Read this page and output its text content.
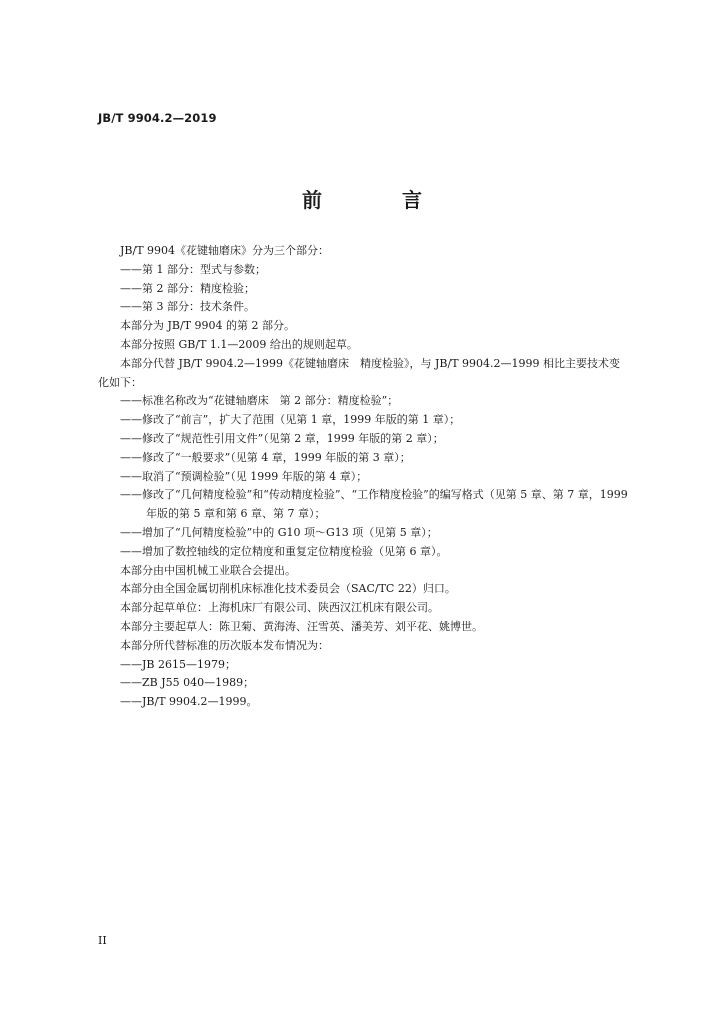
JB/T 9904.2—2019
前　言
JB/T 9904《花键轴磨床》分为三个部分：
——第 1 部分：型式与参数；
——第 2 部分：精度检验；
——第 3 部分：技术条件。
本部分为 JB/T 9904 的第 2 部分。
本部分按照 GB/T 1.1—2009 给出的规则起草。
本部分代替 JB/T 9904.2—1999《花键轴磨床　精度检验》，与 JB/T 9904.2—1999 相比主要技术变化如下：
——标准名称改为“花键轴磨床　第 2 部分：精度检验”；
——修改了“前言”，扩大了范围（见第 1 章，1999 年版的第 1 章）；
——修改了“规范性引用文件”（见第 2 章，1999 年版的第 2 章）；
——修改了“一般要求”（见第 4 章，1999 年版的第 3 章）；
——取消了“预调检验”（见 1999 年版的第 4 章）；
——修改了“几何精度检验”和“传动精度检验”、“工作精度检验”的编写格式（见第 5 章、第 7 章，1999 年版的第 5 章和第 6 章、第 7 章）；
——增加了“几何精度检验”中的 G10 项～G13 项（见第 5 章）；
——增加了数控轴线的定位精度和重复定位精度检验（见第 6 章）。
本部分由中国机械工业联合会提出。
本部分由全国金属切削机床标准化技术委员会（SAC/TC 22）归口。
本部分起草单位：上海机床厂有限公司、陕西汉江机床有限公司。
本部分主要起草人：陈卫菊、黄海涛、汪雪英、潘美芳、刘平花、姚博世。
本部分所代替标准的历次版本发布情况为：
——JB 2615—1979；
——ZB J55 040—1989；
——JB/T 9904.2—1999。
II
